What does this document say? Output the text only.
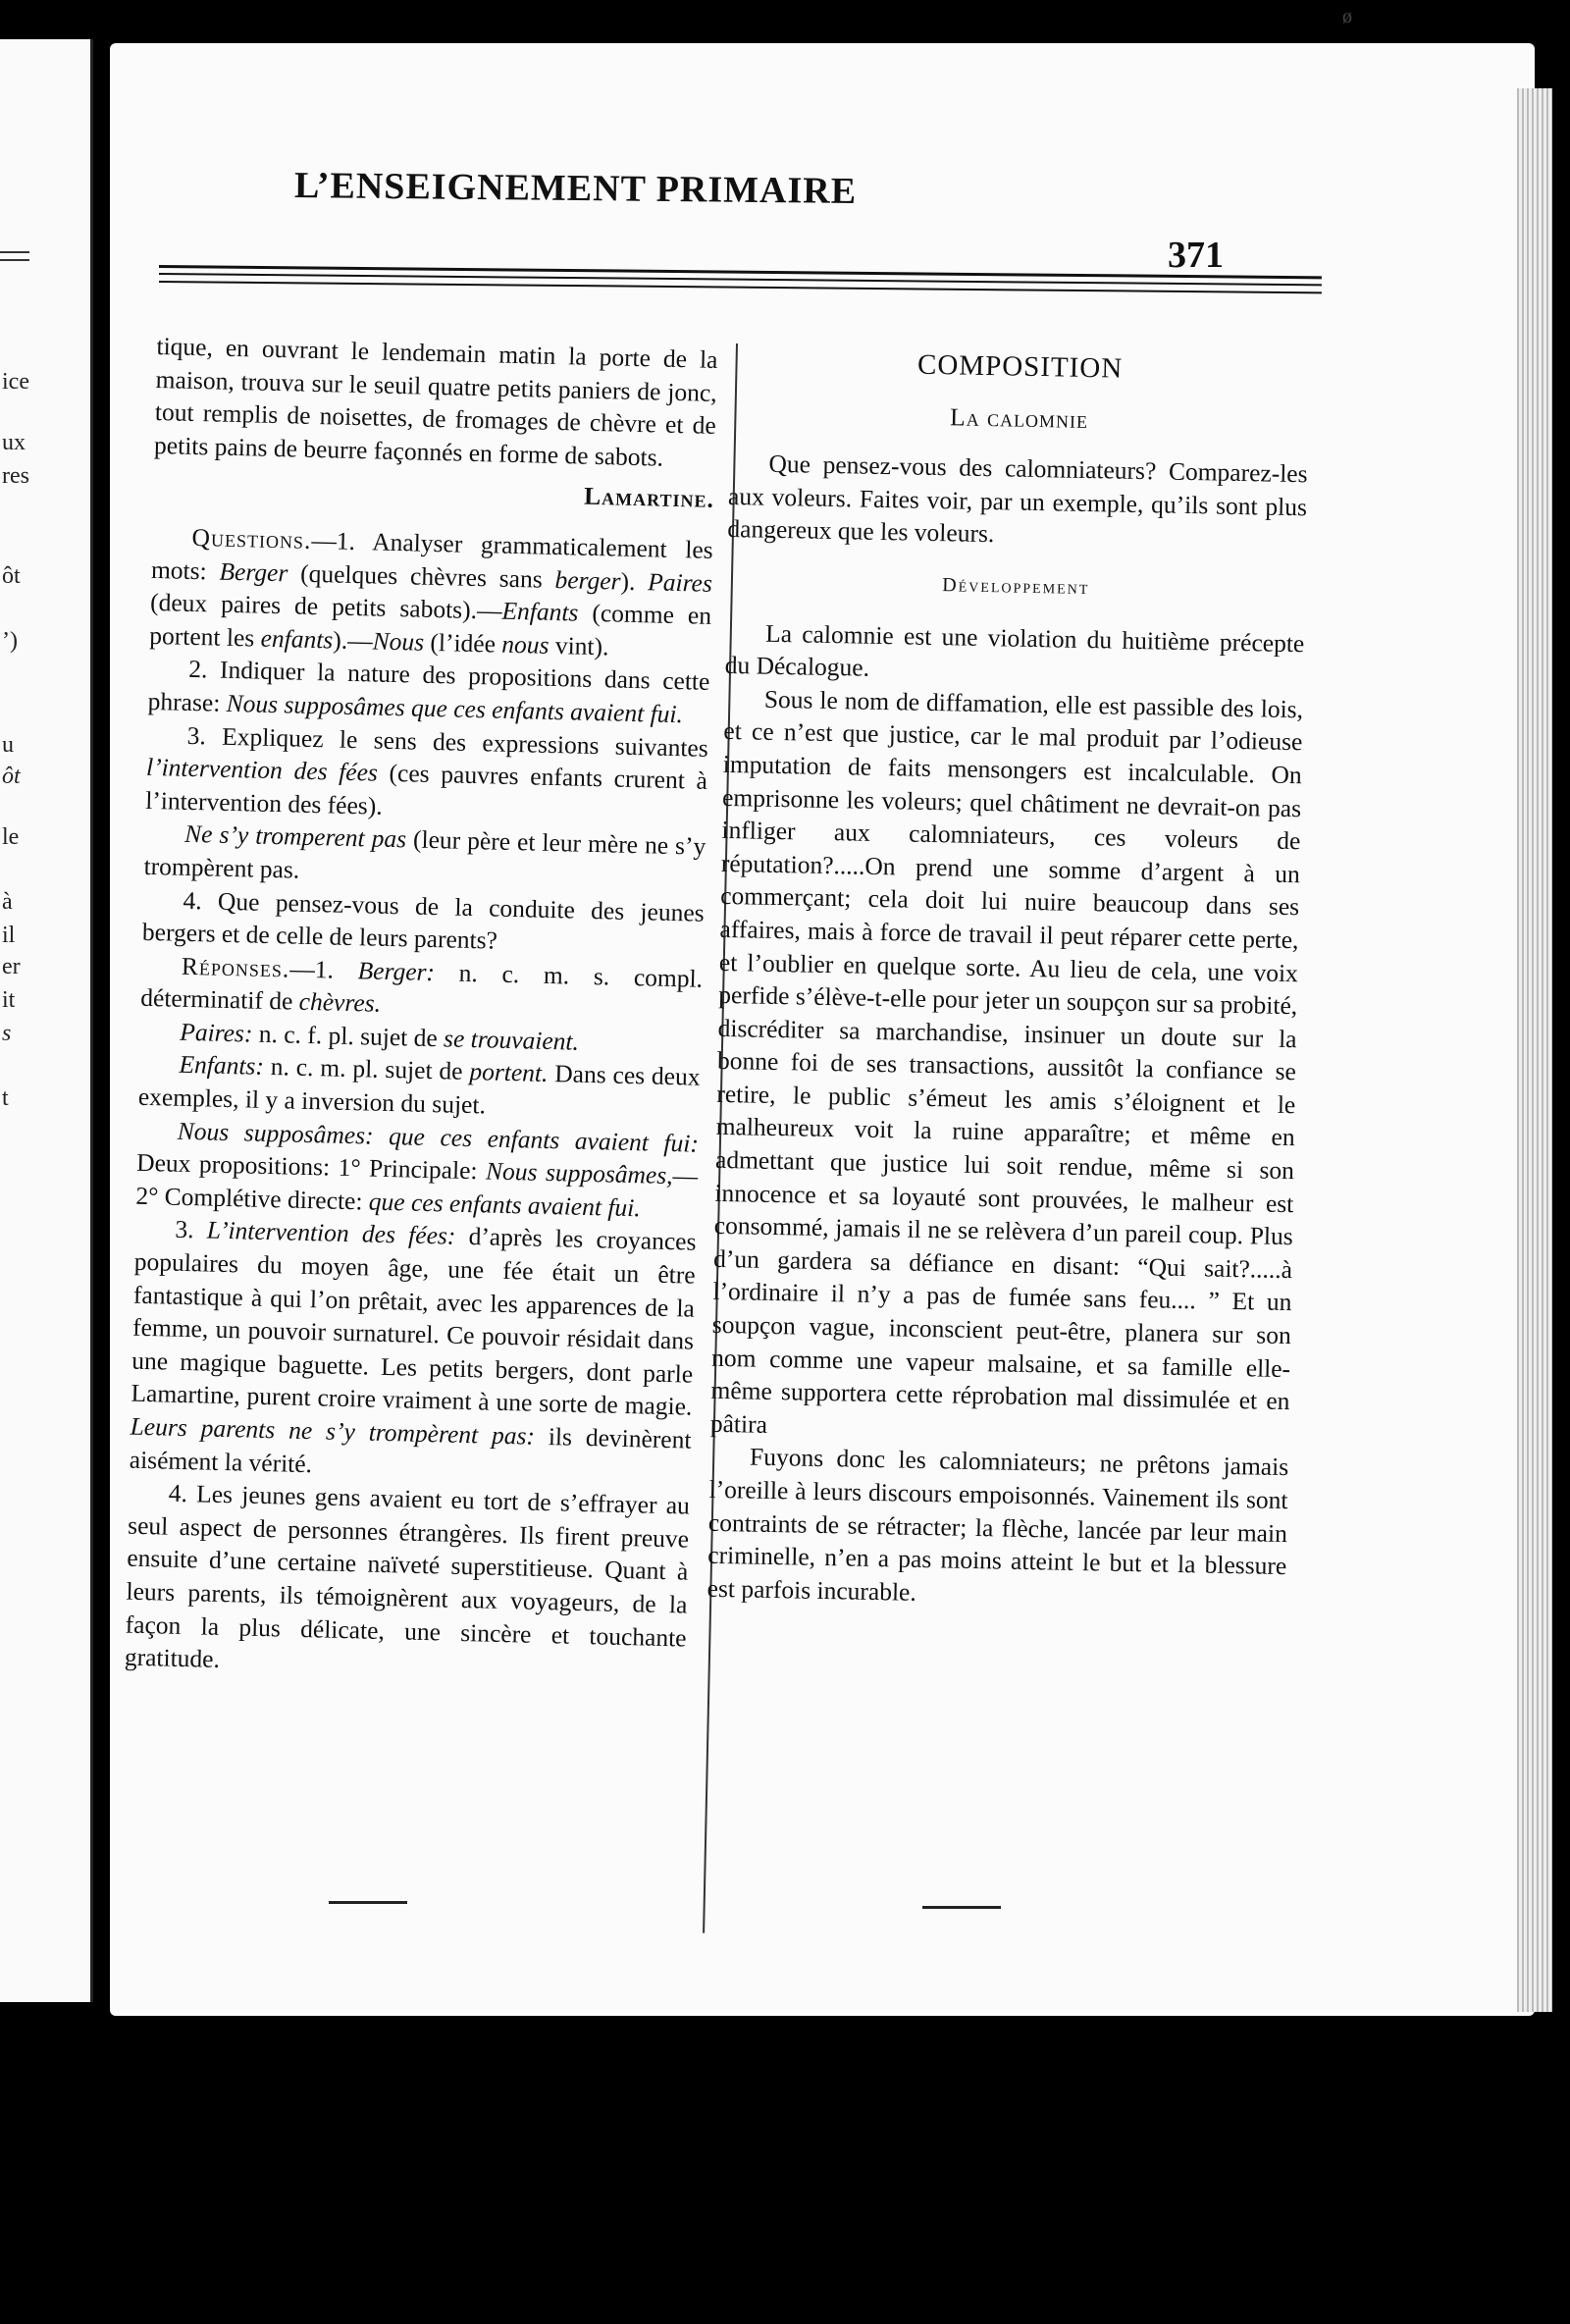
ice
ux
res
ôt
’)
u
ôt
le
à
il
er
it
s
t
L’ENSEIGNEMENT PRIMAIRE
371

tique, en ouvrant le lendemain matin la porte de la maison, trouva sur le seuil quatre petits paniers de jonc, tout remplis de noisettes, de fromages de chèvre et de petits pains de beurre façonnés en forme de sabots.

Lamartine.

Questions.—1. Analyser grammaticalement les mots: Berger (quelques chèvres sans berger). Paires (deux paires de petits sabots).—Enfants (comme en portent les enfants).—Nous (l’idée nous vint).

2. Indiquer la nature des propositions dans cette phrase: Nous supposâmes que ces enfants avaient fui.

3. Expliquez le sens des expressions suivantes l’intervention des fées (ces pauvres enfants crurent à l’intervention des fées).

Ne s’y tromperent pas (leur père et leur mère ne s’y trompèrent pas.

4. Que pensez-vous de la conduite des jeunes bergers et de celle de leurs parents?

Réponses.—1. Berger: n. c. m. s. compl. déterminatif de chèvres.

Paires: n. c. f. pl. sujet de se trouvaient.

Enfants: n. c. m. pl. sujet de portent. Dans ces deux exemples, il y a inversion du sujet.

Nous supposâmes: que ces enfants avaient fui: Deux propositions: 1° Principale: Nous supposâmes,—2° Complétive directe: que ces enfants avaient fui.

3. L’intervention des fées: d’après les croyances populaires du moyen âge, une fée était un être fantastique à qui l’on prêtait, avec les apparences de la femme, un pouvoir surnaturel. Ce pouvoir résidait dans une magique baguette. Les petits bergers, dont parle Lamartine, purent croire vraiment à une sorte de magie. Leurs parents ne s’y trompèrent pas: ils devinèrent aisément la vérité.

4. Les jeunes gens avaient eu tort de s’effrayer au seul aspect de personnes étrangères. Ils firent preuve ensuite d’une certaine naïveté superstitieuse. Quant à leurs parents, ils témoignèrent aux voyageurs, de la façon la plus délicate, une sincère et touchante gratitude.

COMPOSITION

La calomnie

Que pensez-vous des calomniateurs? Comparez-les aux voleurs. Faites voir, par un exemple, qu’ils sont plus dangereux que les voleurs.

Développement

La calomnie est une violation du huitième précepte du Décalogue.

Sous le nom de diffamation, elle est passible des lois, et ce n’est que justice, car le mal produit par l’odieuse imputation de faits mensongers est incalculable. On emprisonne les voleurs; quel châtiment ne devrait-on pas infliger aux calomniateurs, ces voleurs de réputation?.....On prend une somme d’argent à un commerçant; cela doit lui nuire beaucoup dans ses affaires, mais à force de travail il peut réparer cette perte, et l’oublier en quelque sorte. Au lieu de cela, une voix perfide s’élève-t-elle pour jeter un soupçon sur sa probité, discréditer sa marchandise, insinuer un doute sur la bonne foi de ses transactions, aussitôt la confiance se retire, le public s’émeut les amis s’éloignent et le malheureux voit la ruine apparaître; et même en admettant que justice lui soit rendue, même si son innocence et sa loyauté sont prouvées, le malheur est consommé, jamais il ne se relèvera d’un pareil coup. Plus d’un gardera sa défiance en disant: “Qui sait?.....à l’ordinaire il n’y a pas de fumée sans feu.... ” Et un soupçon vague, inconscient peut-être, planera sur son nom comme une vapeur malsaine, et sa famille elle-même supportera cette réprobation mal dissimulée et en pâtira

Fuyons donc les calomniateurs; ne prêtons jamais l’oreille à leurs discours empoisonnés. Vainement ils sont contraints de se rétracter; la flèche, lancée par leur main criminelle, n’en a pas moins atteint le but et la blessure est parfois incurable.

ø
